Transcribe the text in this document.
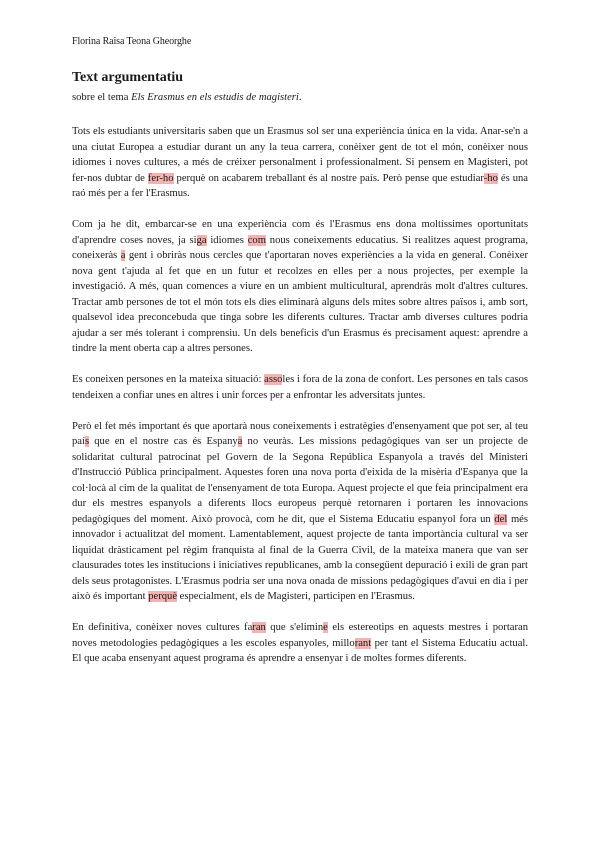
Florina Raisa Teona Gheorghe
Text argumentatiu
sobre el tema Els Erasmus en els estudis de magisteri.

Tots els estudiants universitaris saben que un Erasmus sol ser una experiència única en la vida. Anar-se'n a una ciutat Europea a estudiar durant un any la teua carrera, conèixer gent de tot el món, conèixer nous idiomes i noves cultures, a més de créixer personalment i professionalment. Si pensem en Magisteri, pot fer-nos dubtar de fer-ho perquè on acabarem treballant és al nostre país. Però pense que estudiar-ho és una raó més per a fer l'Erasmus.

Com ja he dit, embarcar-se en una experiència com és l'Erasmus ens dona moltíssimes oportunitats d'aprendre coses noves, ja siga idiomes com nous coneixements educatius. Si realitzes aquest programa, coneixeràs a gent i obriràs nous cercles que t'aportaran noves experiències a la vida en general. Conèixer nova gent t'ajuda al fet que en un futur et recolzes en elles per a nous projectes, per exemple la investigació. A més, quan comences a viure en un ambient multicultural, aprendràs molt d'altres cultures. Tractar amb persones de tot el món tots els dies eliminarà alguns dels mites sobre altres països i, amb sort, qualsevol idea preconcebuda que tinga sobre les diferents cultures. Tractar amb diverses cultures podria ajudar a ser més tolerant i comprensiu. Un dels beneficis d'un Erasmus és precisament aquest: aprendre a tindre la ment oberta cap a altres persones.

Es coneixen persones en la mateixa situació: assoles i fora de la zona de confort. Les persones en tals casos tendeixen a confiar unes en altres i unir forces per a enfrontar les adversitats juntes.

Però el fet més important és que aportarà nous coneixements i estratègies d'ensenyament que pot ser, al teu país que en el nostre cas és Espanya no veuràs. Les missions pedagògiques van ser un projecte de solidaritat cultural patrocinat pel Govern de la Segona República Espanyola a través del Ministeri d'Instrucció Pública principalment. Aquestes foren una nova porta d'eixida de la misèria d'Espanya que la col·locà al cim de la qualitat de l'ensenyament de tota Europa. Aquest projecte el que feia principalment era dur els mestres espanyols a diferents llocs europeus perquè retornaren i portaren les innovacions pedagògiques del moment. Això provocà, com he dit, que el Sistema Educatiu espanyol fora un del més innovador i actualitzat del moment. Lamentablement, aquest projecte de tanta importància cultural va ser liquidat dràsticament pel règim franquista al final de la Guerra Civil, de la mateixa manera que van ser clausurades totes les institucions i iniciatives republicanes, amb la consegüent depuració i exili de gran part dels seus protagonistes. L'Erasmus podria ser una nova onada de missions pedagògiques d'avui en dia i per això és important perquè especialment, els de Magisteri, participen en l'Erasmus.

En definitiva, conèixer noves cultures faran que s'elimine els estereotips en aquests mestres i portaran noves metodologies pedagògiques a les escoles espanyoles, millorant per tant el Sistema Educatiu actual. El que acaba ensenyant aquest programa és aprendre a ensenyar i de moltes formes diferents.
